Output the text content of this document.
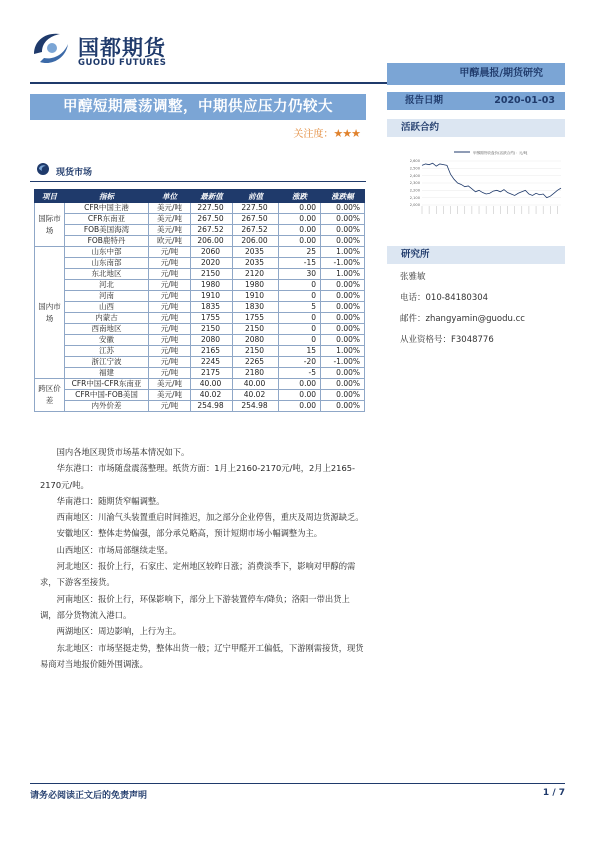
国都期货
GUODU FUTURES
甲醇晨报/期货研究
甲醇短期震荡调整，中期供应压力仍较大
关注度：★★★
报告日期	2020-01-03
活跃合约
甲醇期货收盘价(活跃合约)：元/吨
2,600
2,500
2,400
2,300
2,200
2,100
2,000
研究所
张雅敏
电话：010-84180304
邮件：zhangyamin@guodu.cc
从业资格号：F3048776
现货市场
项目	指标	单位	最新值	前值	涨跌	涨跌幅
国际市场	CFR中国主港	美元/吨	227.50	227.50	0.00	0.00%
	CFR东南亚	美元/吨	267.50	267.50	0.00	0.00%
	FOB美国海湾	美元/吨	267.52	267.52	0.00	0.00%
	FOB鹿特丹	欧元/吨	206.00	206.00	0.00	0.00%
国内市场	山东中部	元/吨	2060	2035	25	1.00%
	山东南部	元/吨	2020	2035	-15	-1.00%
	东北地区	元/吨	2150	2120	30	1.00%
	河北	元/吨	1980	1980	0	0.00%
	河南	元/吨	1910	1910	0	0.00%
	山西	元/吨	1835	1830	5	0.00%
	内蒙古	元/吨	1755	1755	0	0.00%
	西南地区	元/吨	2150	2150	0	0.00%
	安徽	元/吨	2080	2080	0	0.00%
	江苏	元/吨	2165	2150	15	1.00%
	浙江宁波	元/吨	2245	2265	-20	-1.00%
	福建	元/吨	2175	2180	-5	0.00%
跨区价差	CFR中国-CFR东南亚	美元/吨	40.00	40.00	0.00	0.00%
	CFR中国-FOB美国	美元/吨	40.02	40.02	0.00	0.00%
	内外价差	元/吨	254.98	254.98	0.00	0.00%

国内各地区现货市场基本情况如下。

华东港口：市场随盘震荡整理。纸货方面：1月上2160-2170元/吨，2月上2165-2170元/吨。

华南港口：随期货窄幅调整。

西南地区：川渝气头装置重启时间推迟，加之部分企业停售，重庆及周边货源缺乏。

安徽地区：整体走势偏强，部分承兑略高，预计短期市场小幅调整为主。

山西地区：市场局部继续走坚。

河北地区：报价上行，石家庄、定州地区较昨日涨；消费淡季下，影响对甲醇的需求，下游客至接货。

河南地区：报价上行，环保影响下，部分上下游装置停车/降负；洛阳一带出货上调，部分货物流入港口。

两湖地区：周边影响，上行为主。

东北地区：市场坚挺走势，整体出货一般；辽宁甲醛开工偏低，下游刚需接货，现货易商对当地报价随外围调涨。

请务必阅读正文后的免责声明	1 / 7
